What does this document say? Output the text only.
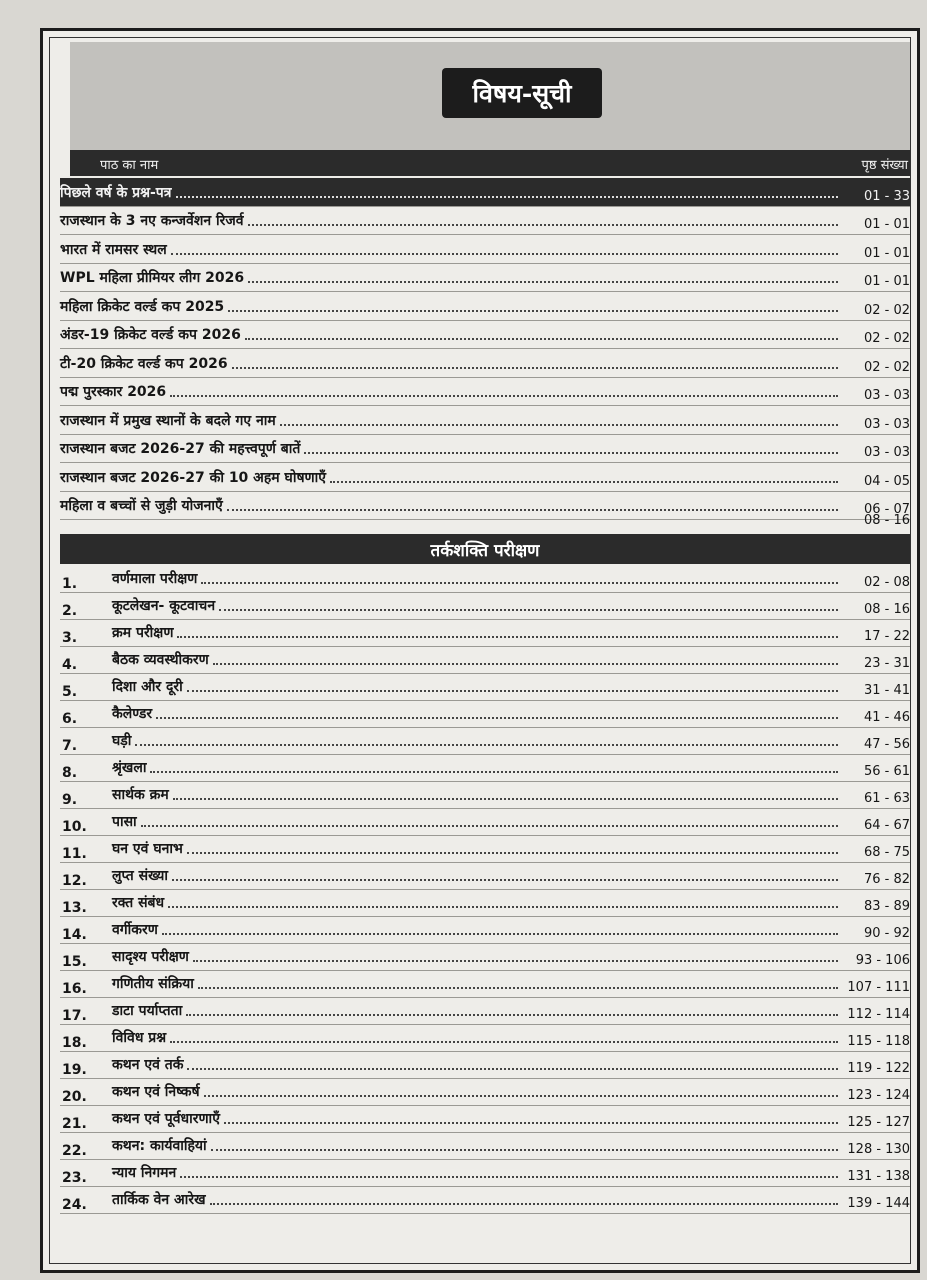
विषय-सूची
पाठ का नाम	पृष्ठ संख्या
पिछले वर्ष के प्रश्न-पत्र	01 - 33
राजस्थान के 3 नए कन्जर्वेशन रिजर्व	01 - 01
भारत में रामसर स्थल	01 - 01
WPL महिला प्रीमियर लीग 2026	01 - 01
महिला क्रिकेट वर्ल्ड कप 2025	02 - 02
अंडर-19 क्रिकेट वर्ल्ड कप 2026	02 - 02
टी-20 क्रिकेट वर्ल्ड कप 2026	02 - 02
पद्म पुरस्कार 2026	03 - 03
राजस्थान में प्रमुख स्थानों के बदले गए नाम	03 - 03
राजस्थान बजट 2026-27 की महत्त्वपूर्ण बातें	03 - 03
राजस्थान बजट 2026-27 की 10 अहम घोषणाएँ	04 - 05
महिला व बच्चों से जुड़ी योजनाएँ	06 - 07
08 - 16
तर्कशक्ति परीक्षण
1.	वर्णमाला परीक्षण	02 - 08
2.	कूटलेखन- कूटवाचन	08 - 16
3.	क्रम परीक्षण	17 - 22
4.	बैठक व्यवस्थीकरण	23 - 31
5.	दिशा और दूरी	31 - 41
6.	कैलेण्डर	41 - 46
7.	घड़ी	47 - 56
8.	श्रृंखला	56 - 61
9.	सार्थक क्रम	61 - 63
10.	पासा	64 - 67
11.	घन एवं घनाभ	68 - 75
12.	लुप्त संख्या	76 - 82
13.	रक्त संबंध	83 - 89
14.	वर्गीकरण	90 - 92
15.	सादृश्य परीक्षण	93 - 106
16.	गणितीय संक्रिया	107 - 111
17.	डाटा पर्याप्तता	112 - 114
18.	विविध प्रश्न	115 - 118
19.	कथन एवं तर्क	119 - 122
20.	कथन एवं निष्कर्ष	123 - 124
21.	कथन एवं पूर्वधारणाएँ	125 - 127
22.	कथन: कार्यवाहियां	128 - 130
23.	न्याय निगमन	131 - 138
24.	तार्किक वेन आरेख	139 - 144
